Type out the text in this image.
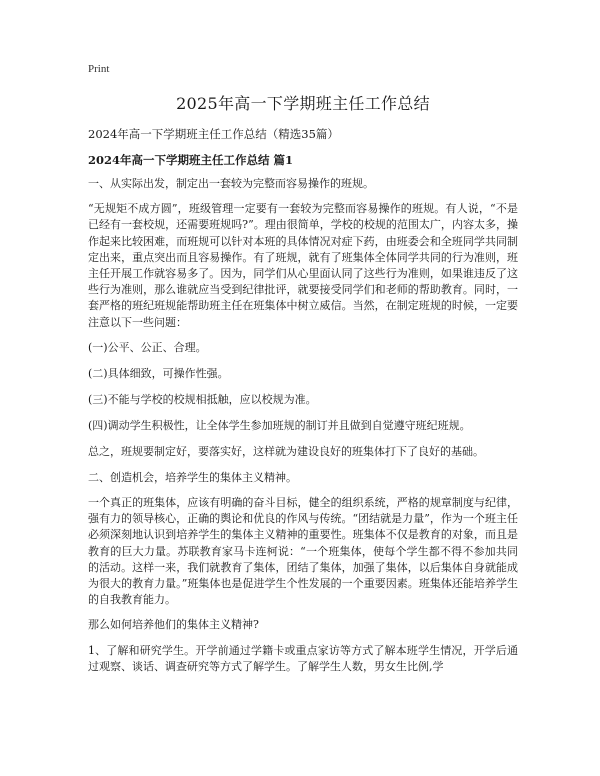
Print
2025年高一下学期班主任工作总结
2024年高一下学期班主任工作总结（精选35篇）
2024年高一下学期班主任工作总结 篇1

一、从实际出发，制定出一套较为完整而容易操作的班规。

“无规矩不成方圆”，班级管理一定要有一套较为完整而容易操作的班规。有人说，“不是已经有一套校规，还需要班规吗?”。理由很简单，学校的校规的范围太广，内容太多，操作起来比较困难，而班规可以针对本班的具体情况对症下药，由班委会和全班同学共同制定出来，重点突出而且容易操作。有了班规，就有了班集体全体同学共同的行为准则，班主任开展工作就容易多了。因为，同学们从心里面认同了这些行为准则，如果谁违反了这些行为准则，那么谁就应当受到纪律批评，就要接受同学们和老师的帮助教育。同时，一套严格的班纪班规能帮助班主任在班集体中树立威信。当然，在制定班规的时候，一定要注意以下一些问题：

(一)公平、公正、合理。

(二)具体细致，可操作性强。

(三)不能与学校的校规相抵触，应以校规为准。

(四)调动学生积极性，让全体学生参加班规的制订并且做到自觉遵守班纪班规。

总之，班规要制定好，要落实好，这样就为建设良好的班集体打下了良好的基础。

二、创造机会，培养学生的集体主义精神。

一个真正的班集体，应该有明确的奋斗目标，健全的组织系统，严格的规章制度与纪律，强有力的领导核心，正确的舆论和优良的作风与传统。“团结就是力量”，作为一个班主任必须深刻地认识到培养学生的集体主义精神的重要性。班集体不仅是教育的对象，而且是教育的巨大力量。苏联教育家马卡连柯说：“一个班集体，使每个学生都不得不参加共同的活动。这样一来，我们就教育了集体，团结了集体，加强了集体，以后集体自身就能成为很大的教育力量。”班集体也是促进学生个性发展的一个重要因素。班集体还能培养学生的自我教育能力。

那么如何培养他们的集体主义精神?

1、了解和研究学生。开学前通过学籍卡或重点家访等方式了解本班学生情况，开学后通过观察、谈话、调查研究等方式了解学生。了解学生人数，男女生比例,学
